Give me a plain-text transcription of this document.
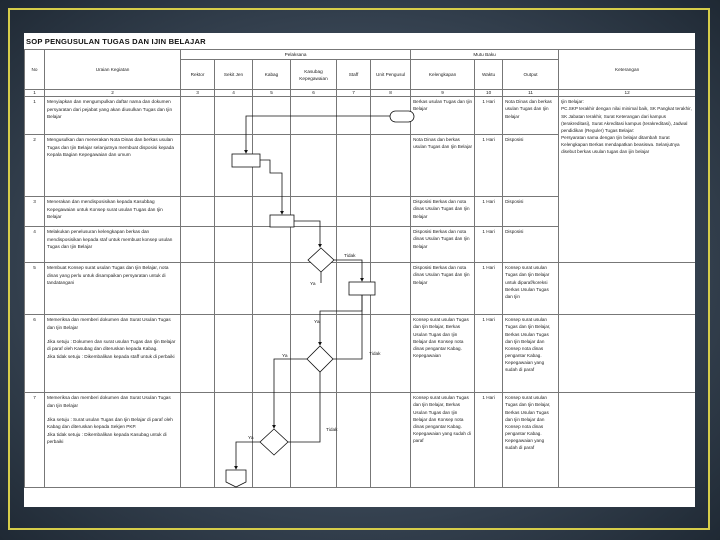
SOP PENGUSULAN TUGAS DAN IJIN BELAJAR
No	Uraian Kegiatan	Pelaksana						Mutu Baku			Keterangan
		Rektor	Sekit Jen	Kabag	Kasubag Kepegawaian	Staff	Unit Pengusul	Kelengkapan	Waktu	Output	
1	2	3	4	5	6	7	8	9	10	11	12
1	Menyiapkan dan mengumpulkan daftar nama dan dokumen persyaratan dari pejabat yang akan diusulkan Tugas dan Ijin Belajar							Berkas usulan Tugas dan Ijin Belajar	1 Hari	Nota Dinas dan berkas usulan Tugas dan Ijin Belajar	Ijin Belajar:
PC.SKP terakhir dengan nilai minimal baik, SK Pangkat terakhir, SK Jabatan terakhir, Surat Keterangan dari kampus (terakreditasi), Surat Akreditasi kampus (terakreditasi), Jadwal pendidikan (Reguler) Tugas Belajar:
Persyaratan sama dengan Ijin belajar ditambah Surat Kelengkapan Berkas mendapatkan beasiswa. Selanjutnya disebut berkas usulan tugas dan ijin belajar
2	Mengusulkan dan menerakan Nota Dinas dan berkas usulan Tugas dan Ijin Belajar selanjutnya membuat disposisi kepada Kepala Bagian Kepegawaian dan umum							Nota Dinas dan berkas usulan Tugas dan Ijin Belajar	1 Hari	Disposisi	
3	Menerakan dan mendisposisikan kepada Kasubbag Kepegawaian untuk Konsep surat usulan Tugas dan Ijin Belajar							Disposisi Berkas dan nota dinas Usulan Tugas dan Ijin Belajar	1 Hari	Disposisi	
4	Melakukan penelusuran kelengkapan berkas dan mendisposisikan kepada staf untuk membuat konsep usulan Tugas dan Ijin Belajar							Disposisi Berkas dan nota dinas Usulan Tugas dan Ijin Belajar	1 Hari	Disposisi	
5	Membuat Konsep surat usulan Tugas dan Ijin Belajar, nota dinas yang perlu untuk disampaikan persyaratan untuk di tandatangani							Disposisi Berkas dan nota dinas Usulan Tugas dan Ijin Belajar	1 Hari	Konsep surat usulan Tugas dan Ijin Belajar untuk diparaf/koreksi Berkas Usulan Tugas dan Ijin	
6	Memeriksa dan memberi dokumen dan Surat Usulan Tugas dan Ijin Belajar

Jika setuju : Dokumen dan surat usulan Tugas dan Ijin Belajar di paraf oleh Kasubag dan diteruskan kepada Kabag.
Jika tidak setuju : Dikembalikan kepada staff untuk di perbaiki							Konsep surat usulan Tugas dan Ijin Belajar, Berkas Usulan Tugas dan Ijin Belajar dan Konsep nota dinas pengantar Kabag. Kepegawaian	1 Hari	Konsep surat usulan Tugas dan Ijin Belajar, Berkas Usulan Tugas dan Ijin Belajar dan Konsep nota dinas pengantar Kabag. Kepegawaian yang sudah di paraf	
7	Memeriksa dan memberi dokumen dan Surat Usulan Tugas dan Ijin Belajar

Jika setuju : Surat usulan Tugas dan Ijin Belajar di paraf oleh Kabag dan diteruskan kepada Sekjen PKP.
Jika tidak setuju : Dikembalikan kepada Kasubag untuk di perbaiki							Konsep surat usulan Tugas dan Ijin Belajar, Berkas Usulan Tugas dan Ijin Belajar dan Konsep nota dinas pengantar Kabag. Kepegawaian yang sudah di paraf	1 Hari	Konsep surat usulan Tugas dan Ijin Belajar, Berkas Usulan Tugas dan Ijin Belajar dan Konsep nota dinas pengantar Kabag. Kepegawaian yang sudah di paraf	
Tidak
Ya
Ya
Tidak
Ya
Tidak
Ya
